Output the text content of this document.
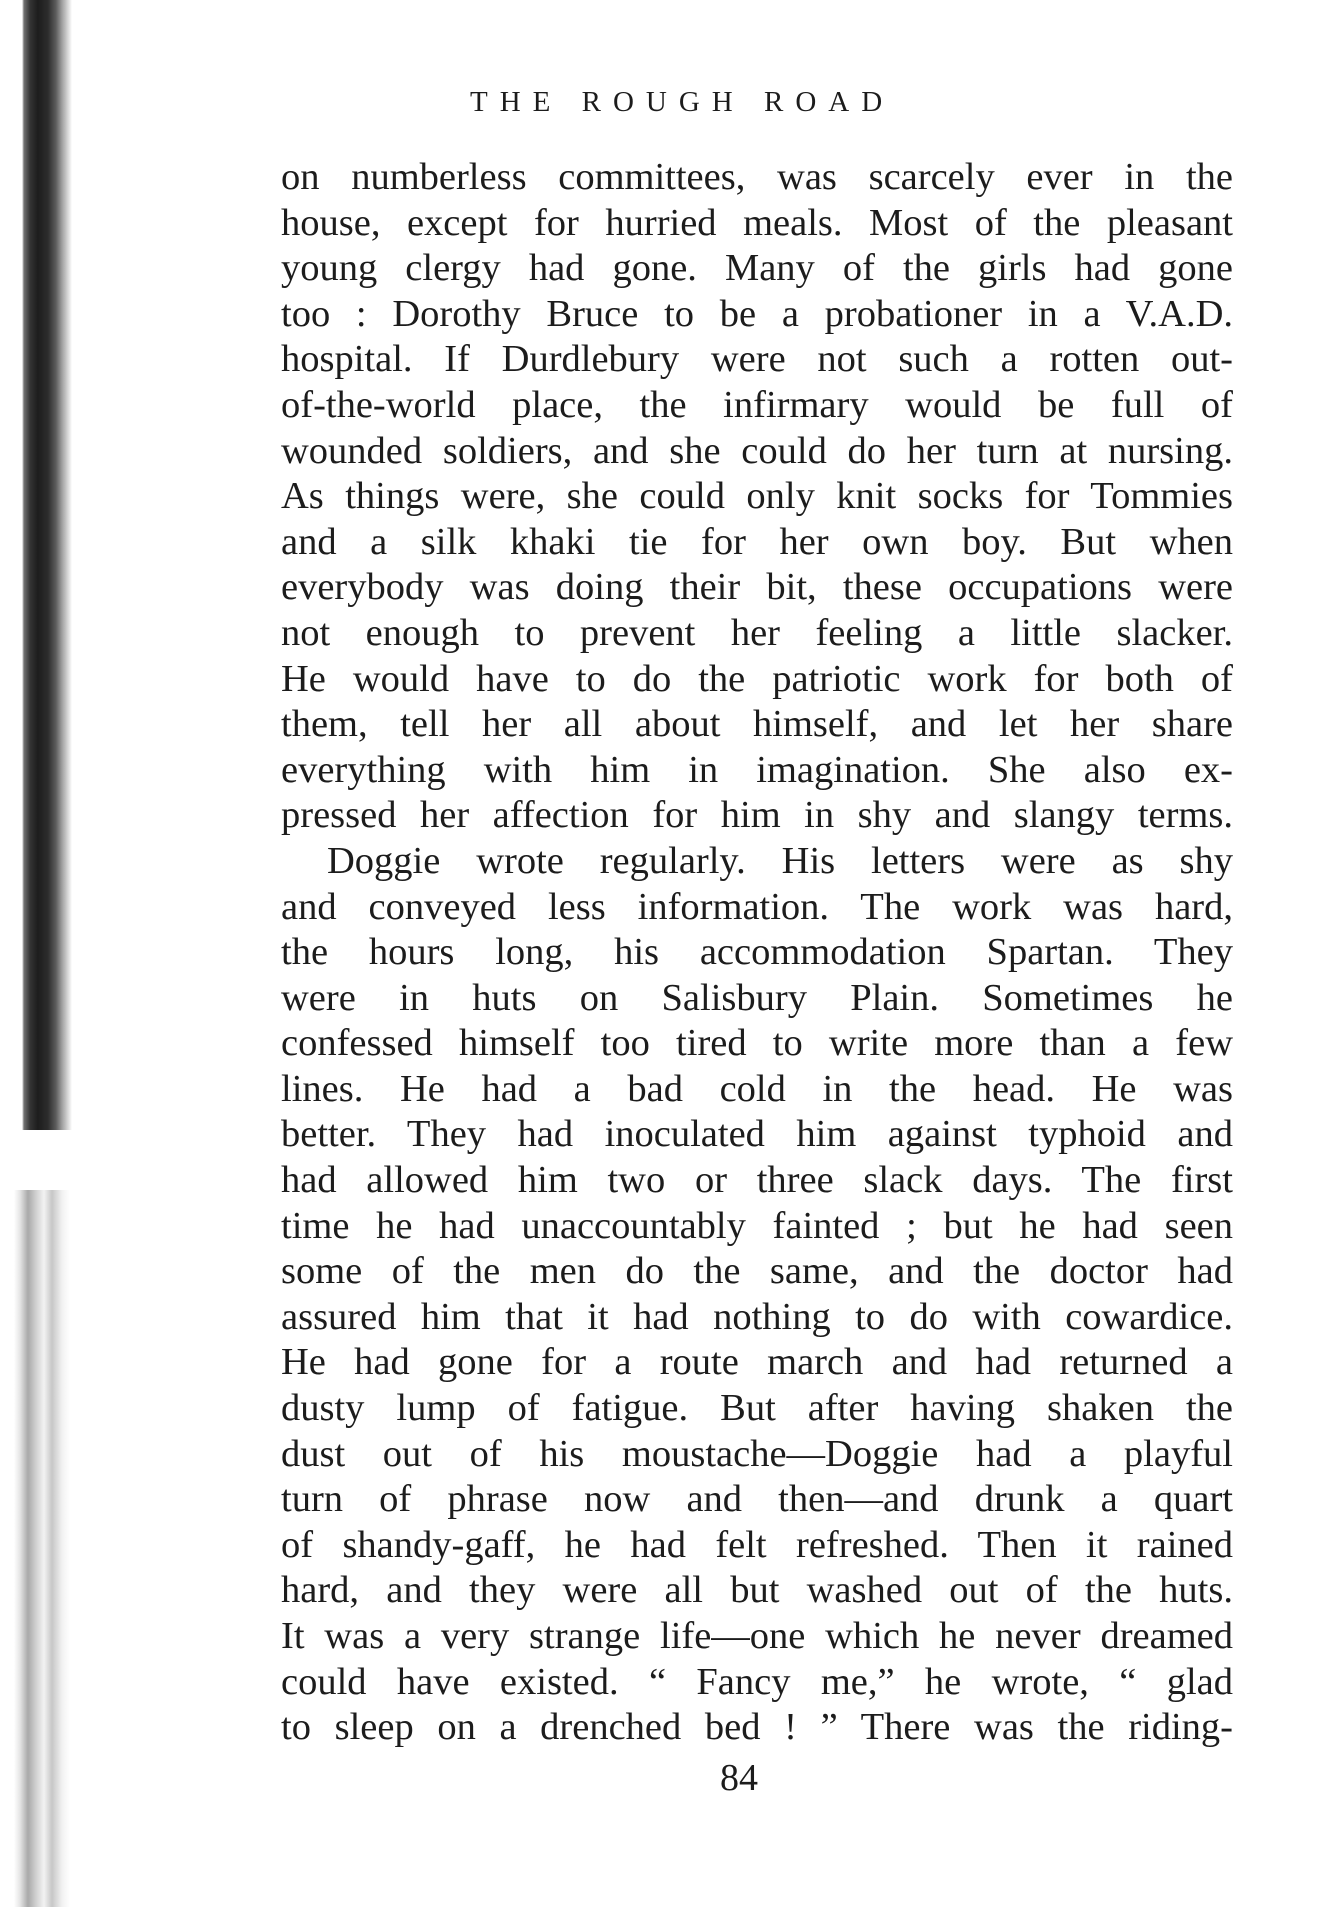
THE ROUGH ROAD
on numberless committees, was scarcely ever in the
house, except for hurried meals. Most of the pleasant
young clergy had gone. Many of the girls had gone
too : Dorothy Bruce to be a probationer in a V.A.D.
hospital. If Durdlebury were not such a rotten out-
of-the-world place, the infirmary would be full of
wounded soldiers, and she could do her turn at nursing.
As things were, she could only knit socks for Tommies
and a silk khaki tie for her own boy. But when
everybody was doing their bit, these occupations were
not enough to prevent her feeling a little slacker.
He would have to do the patriotic work for both of
them, tell her all about himself, and let her share
everything with him in imagination. She also ex-
pressed her affection for him in shy and slangy terms.
Doggie wrote regularly. His letters were as shy
and conveyed less information. The work was hard,
the hours long, his accommodation Spartan. They
were in huts on Salisbury Plain. Sometimes he
confessed himself too tired to write more than a few
lines. He had a bad cold in the head. He was
better. They had inoculated him against typhoid and
had allowed him two or three slack days. The first
time he had unaccountably fainted ; but he had seen
some of the men do the same, and the doctor had
assured him that it had nothing to do with cowardice.
He had gone for a route march and had returned a
dusty lump of fatigue. But after having shaken the
dust out of his moustache—Doggie had a playful
turn of phrase now and then—and drunk a quart
of shandy-gaff, he had felt refreshed. Then it rained
hard, and they were all but washed out of the huts.
It was a very strange life—one which he never dreamed
could have existed. “ Fancy me,” he wrote, “ glad
to sleep on a drenched bed ! ” There was the riding-
84
